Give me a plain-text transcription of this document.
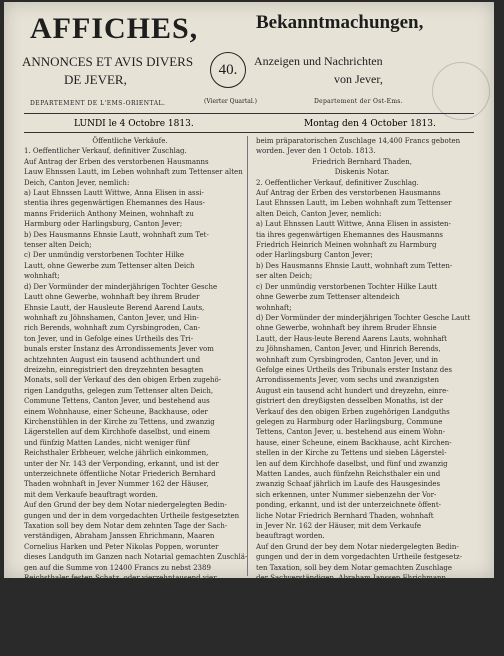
AFFICHES,
ANNONCES ET AVIS DIVERS
DE JEVER,
DEPARTEMENT DE L'EMS-ORIENTAL.
40.
(Vierter Quartal.)
Bekanntmachungen,
Anzeigen und Nachrichten
von Jever,
Departement der Ost-Ems.
LUNDI le 4 Octobre 1813.	Montag den 4 October 1813.

Öffentliche Verkäufe.

1. Oeffentlicher Verkauf, definitiver Zuschlag.

Auf Antrag der Erben des verstorbenen Hausmanns

Lauw Ehnssen Lautt, im Leben wohnhaft zum Tettenser alten

Deich, Canton Jever, nemlich:

a) Laut Ehnssen Lautt Wittwe, Anna Elisen in assi-

stentia ihres gegenwärtigen Ehemannes des Haus-

manns Frideriich Anthony Meinen, wohnhaft zu

Harmburg oder Harlingsburg, Canton Jever;

b) Des Hausmanns Ehnsie Lautt, wohnhaft zum Tet-

tenser alten Deich;

c) Der unmündig verstorbenen Tochter Hilke

Lautt, ohne Gewerbe zum Tettenser alten Deich

wohnhaft;

d) Der Vormünder der minderjährigen Tochter Gesche

Lautt ohne Gewerbe, wohnhaft bey ihrem Bruder

Ehnsie Lautt, der Hausleute Berend Aarend Lauts,

wohnhaft zu Jöhnshamen, Canton Jever, und Hin-

rich Berends, wohnhaft zum Cyrsbingroden, Can-

ton Jever, und in Gefolge eines Urtheils des Tri-

bunals erster Instanz des Arrondissements Jever vom

achtzehnten August ein tausend achthundert und

dreizehn, einregistriert den dreyzehnten besagten

Monats, soll der Verkauf des den obigen Erben zugehö-

rigen Landguths, gelegen zum Tettenser alten Deich,

Commune Tettens, Canton Jever, und bestehend aus

einem Wohnhause, einer Scheune, Backhause, oder

Kirchenstühlen in der Kirche zu Tettens, und zwanzig

Lägerstellen auf dem Kirchhofe daselbst, und einem

und fünfzig Matten Landes, nicht weniger fünf

Reichsthaler Erbheuer, welche jährlich einkommen,

unter der Nr. 143 der Verponding, erkannt, und ist der

unterzeichnete öffentliche Notar Friederich Bernhard

Thaden wohnhaft in Jever Nummer 162 der Häuser,

mit dem Verkaufe beauftragt worden.

Auf den Grund der bey dem Notar niedergelegten Bedin-

gungen und der in dem vorgedachten Urtheile festgesetzten

Taxation soll bey dem Notar dem zehnten Tage der Sach-

verständigen, Abraham Janssen Ehrichmann, Maaren

Cornelius Harken und Peter Nikolas Poppen, worunter

dieses Landguth im Ganzen nach Notarial gemachten Zuschlä-

gen auf die Summe von 12400 Francs zu nebst 2389

Reichsthaler festen Schatz, oder vierzehntausend vier

hundert sieben und fünfzig Francs Centimen in

Gold, die Pistole zu fünf Reichsthaler oder zwanzig Fran-

cen gerechnet, zuerst und angezeigten werden, soll der

definitive Zuschlag am verzeigten (13) October,

Morgens neun Uhr in des Wirths, Herrn Jens Behan-

sing Behausung zu Tettens öffentlich verkauft werden.

beim präparatorischen Zuschlage 14,400 Francs geboten

worden. Jever den 1 Octob. 1813.

Friedrich Bernhard Thaden,

Diskenis Notar.

2. Oeffentlicher Verkauf, definitiver Zuschlag.

Auf Antrag der Erben des verstorbenen Hausmanns

Laut Ehnssen Lautt, im Leben wohnhaft zum Tettenser

alten Deich, Canton Jever, nemlich:

a) Laut Ehnssen Lautt Wittwe, Anna Elisen in assisten-

tia ihres gegenwärtigen Ehemannes des Hausmanns

Friedrich Heinrich Meinen wohnhaft zu Harmburg

oder Harlingsburg Canton Jever;

b) Des Hausmanns Ehnsie Lautt, wohnhaft zum Tetten-

ser alten Deich;

c) Der unmündig verstorbenen Tochter Hilke Lautt

ohne Gewerbe zum Tettenser altendeich

wohnhaft;

d) Der Vormünder der minderjährigen Tochter Gesche Lautt

ohne Gewerbe, wohnhaft bey ihrem Bruder Ehnsie

Lautt, der Haus-leute Berend Aarens Lauts, wohnhaft

zu Jöhnshamen, Canton Jever, und Hinrich Berends,

wohnhaft zum Cyrsbingroden, Canton Jever, und in

Gefolge eines Urtheils des Tribunals erster Instanz des

Arrondissements Jever, vom sechs und zwanzigsten

August ein tausend acht hundert und dreyzehn, einre-

gistriert den dreyßigsten desselben Monaths, ist der

Verkauf des den obigen Erben zugehörigen Landguths

gelegen zu Harmburg oder Harlingsburg, Commune

Tettens, Canton Jever, u. bestehend aus einem Wohn-

hause, einer Scheune, einem Backhause, acht Kirchen-

stellen in der Kirche zu Tettens und sieben Lägerstel-

len auf dem Kirchhofe daselbst, und fünf und zwanzig

Matten Landes, auch fünfzehn Reichsthaler ein und

zwanzig Schaaf jährlich im Laufe des Hausgesindes

sich erkennen, unter Nummer siebenzehn der Vor-

ponding, erkannt, und ist der unterzeichnete öffent-

liche Notar Friedrich Bernhard Thaden, wohnhaft

in Jever Nr. 162 der Häuser, mit dem Verkaufe

beauftragt worden.

Auf den Grund der bey dem Notar niedergelegten Bedin-

gungen und der in dem vorgedachten Urtheile festgesetz-

ten Taxation, soll bey dem Notar gemachten Zuschlage

der Sachverständigen, Abraham Janssen Ehrichmann,

Maaren Cornelius Harken, und Peter Nikolas Poppen,

wornach dieses Landguth im Ganzen taxirt worden,

Landguth im Ganzen nach seinem notarial gemachten

Zuschlagen auf die Summe von zwei und Fünf Sechzig

Reichsthaler, oder Schafsechs Mitten Centimen

zuerst Gebote und hiemit im Golde, die Pistole zu fünf

drei Centimen in Gold, die Pistole zu fünf Reichsthaler oder
